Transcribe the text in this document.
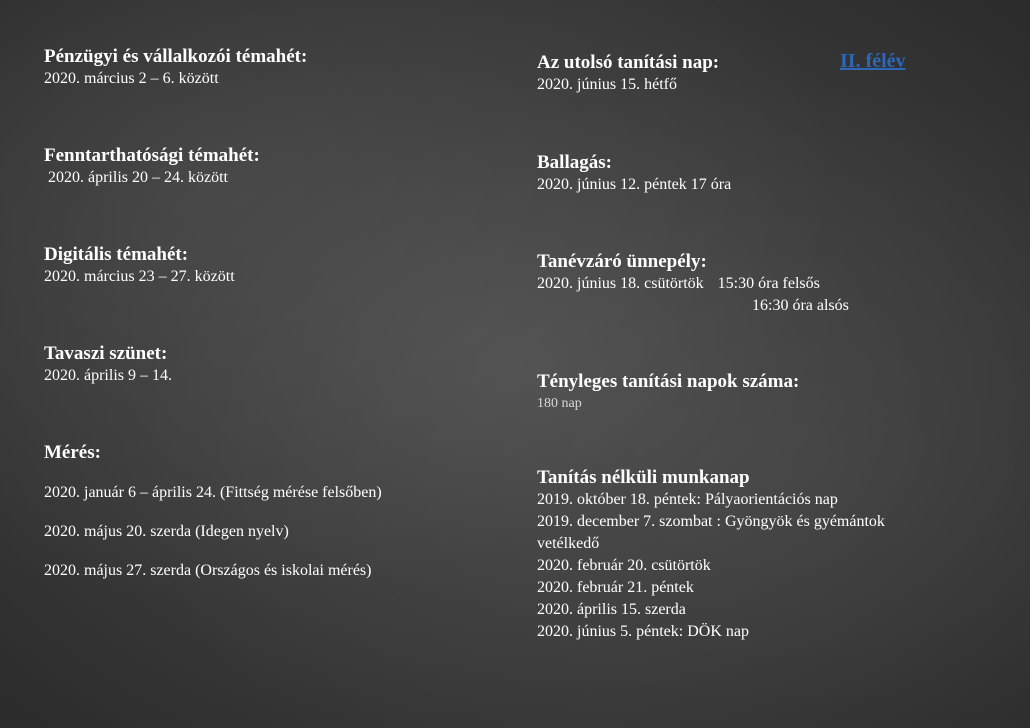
Pénzügyi és vállalkozói témahét:
2020. március 2 – 6. között
Fenntarthatósági témahét:
2020. április 20 – 24. között
Digitális témahét:
2020. március 23 – 27. között
Tavaszi szünet:
2020. április 9 – 14.
Mérés:
2020. január 6 – április 24. (Fittség mérése felsőben)
2020. május 20. szerda (Idegen nyelv)
2020. május 27. szerda (Országos és iskolai mérés)
II. félév
Az utolsó tanítási nap:
2020. június 15. hétfő
Ballagás:
2020. június 12. péntek 17 óra
Tanévzáró ünnepély:
2020. június 18. csütörtök 15:30 óra felsős
16:30 óra alsós
Tényleges tanítási napok száma:
180 nap
Tanítás nélküli munkanap
2019. október 18. péntek: Pályaorientációs nap
2019. december 7. szombat : Gyöngyök és gyémántok
vetélkedő
2020. február 20. csütörtök
2020. február 21. péntek
2020. április 15. szerda
2020. június 5. péntek: DÖK nap
